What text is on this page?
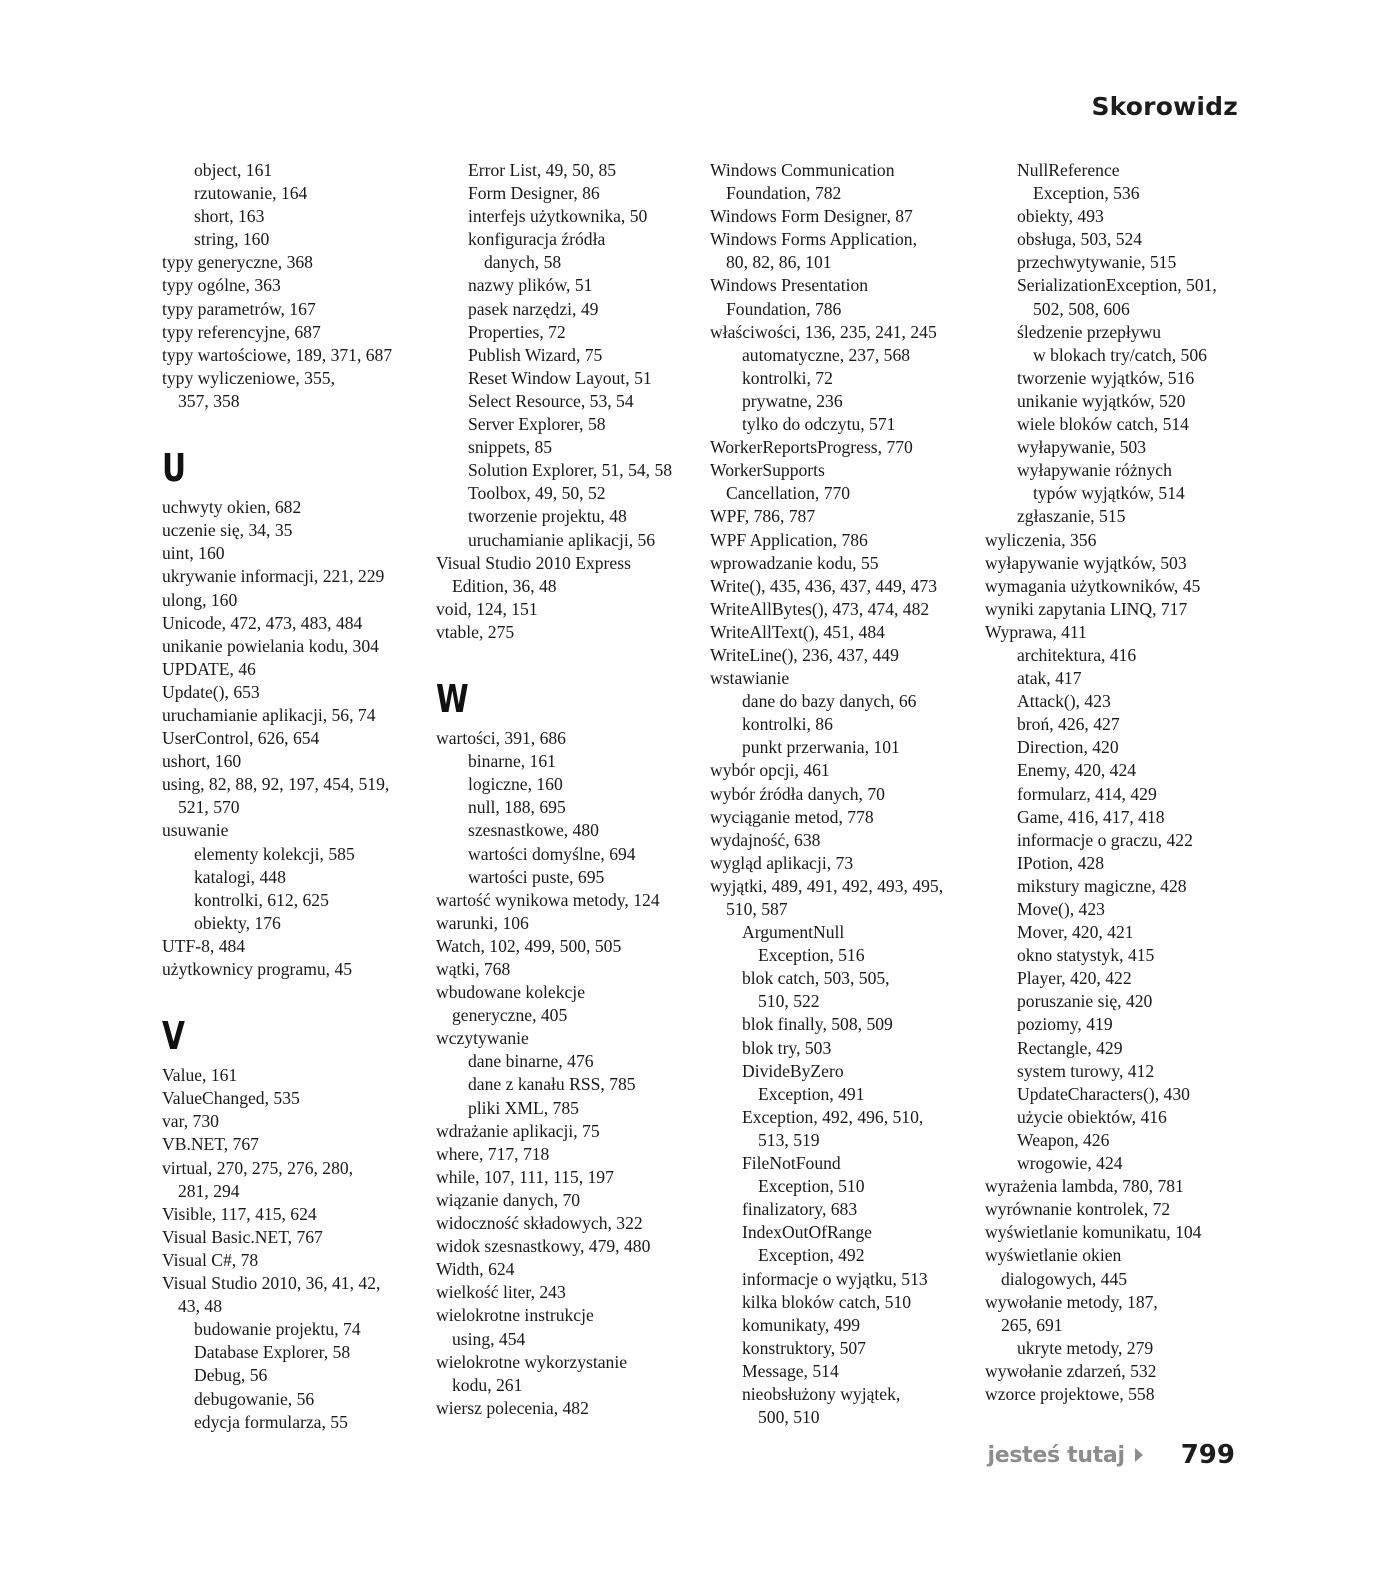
Skorowidz
object, 161
rzutowanie, 164
short, 163
string, 160
typy generyczne, 368
typy ogólne, 363
typy parametrów, 167
typy referencyjne, 687
typy wartościowe, 189, 371, 687
typy wyliczeniowe, 355,
357, 358
U
uchwyty okien, 682
uczenie się, 34, 35
uint, 160
ukrywanie informacji, 221, 229
ulong, 160
Unicode, 472, 473, 483, 484
unikanie powielania kodu, 304
UPDATE, 46
Update(), 653
uruchamianie aplikacji, 56, 74
UserControl, 626, 654
ushort, 160
using, 82, 88, 92, 197, 454, 519,
521, 570
usuwanie
elementy kolekcji, 585
katalogi, 448
kontrolki, 612, 625
obiekty, 176
UTF-8, 484
użytkownicy programu, 45
V
Value, 161
ValueChanged, 535
var, 730
VB.NET, 767
virtual, 270, 275, 276, 280,
281, 294
Visible, 117, 415, 624
Visual Basic.NET, 767
Visual C#, 78
Visual Studio 2010, 36, 41, 42,
43, 48
budowanie projektu, 74
Database Explorer, 58
Debug, 56
debugowanie, 56
edycja formularza, 55
Error List, 49, 50, 85
Form Designer, 86
interfejs użytkownika, 50
konfiguracja źródła
danych, 58
nazwy plików, 51
pasek narzędzi, 49
Properties, 72
Publish Wizard, 75
Reset Window Layout, 51
Select Resource, 53, 54
Server Explorer, 58
snippets, 85
Solution Explorer, 51, 54, 58
Toolbox, 49, 50, 52
tworzenie projektu, 48
uruchamianie aplikacji, 56
Visual Studio 2010 Express
Edition, 36, 48
void, 124, 151
vtable, 275
W
wartości, 391, 686
binarne, 161
logiczne, 160
null, 188, 695
szesnastkowe, 480
wartości domyślne, 694
wartości puste, 695
wartość wynikowa metody, 124
warunki, 106
Watch, 102, 499, 500, 505
wątki, 768
wbudowane kolekcje
generyczne, 405
wczytywanie
dane binarne, 476
dane z kanału RSS, 785
pliki XML, 785
wdrażanie aplikacji, 75
where, 717, 718
while, 107, 111, 115, 197
wiązanie danych, 70
widoczność składowych, 322
widok szesnastkowy, 479, 480
Width, 624
wielkość liter, 243
wielokrotne instrukcje
using, 454
wielokrotne wykorzystanie
kodu, 261
wiersz polecenia, 482
Windows Communication
Foundation, 782
Windows Form Designer, 87
Windows Forms Application,
80, 82, 86, 101
Windows Presentation
Foundation, 786
właściwości, 136, 235, 241, 245
automatyczne, 237, 568
kontrolki, 72
prywatne, 236
tylko do odczytu, 571
WorkerReportsProgress, 770
WorkerSupports
Cancellation, 770
WPF, 786, 787
WPF Application, 786
wprowadzanie kodu, 55
Write(), 435, 436, 437, 449, 473
WriteAllBytes(), 473, 474, 482
WriteAllText(), 451, 484
WriteLine(), 236, 437, 449
wstawianie
dane do bazy danych, 66
kontrolki, 86
punkt przerwania, 101
wybór opcji, 461
wybór źródła danych, 70
wyciąganie metod, 778
wydajność, 638
wygląd aplikacji, 73
wyjątki, 489, 491, 492, 493, 495,
510, 587
ArgumentNull
Exception, 516
blok catch, 503, 505,
510, 522
blok finally, 508, 509
blok try, 503
DivideByZero
Exception, 491
Exception, 492, 496, 510,
513, 519
FileNotFound
Exception, 510
finalizatory, 683
IndexOutOfRange
Exception, 492
informacje o wyjątku, 513
kilka bloków catch, 510
komunikaty, 499
konstruktory, 507
Message, 514
nieobsłużony wyjątek,
500, 510
NullReference
Exception, 536
obiekty, 493
obsługa, 503, 524
przechwytywanie, 515
SerializationException, 501,
502, 508, 606
śledzenie przepływu
w blokach try/catch, 506
tworzenie wyjątków, 516
unikanie wyjątków, 520
wiele bloków catch, 514
wyłapywanie, 503
wyłapywanie różnych
typów wyjątków, 514
zgłaszanie, 515
wyliczenia, 356
wyłapywanie wyjątków, 503
wymagania użytkowników, 45
wyniki zapytania LINQ, 717
Wyprawa, 411
architektura, 416
atak, 417
Attack(), 423
broń, 426, 427
Direction, 420
Enemy, 420, 424
formularz, 414, 429
Game, 416, 417, 418
informacje o graczu, 422
IPotion, 428
mikstury magiczne, 428
Move(), 423
Mover, 420, 421
okno statystyk, 415
Player, 420, 422
poruszanie się, 420
poziomy, 419
Rectangle, 429
system turowy, 412
UpdateCharacters(), 430
użycie obiektów, 416
Weapon, 426
wrogowie, 424
wyrażenia lambda, 780, 781
wyrównanie kontrolek, 72
wyświetlanie komunikatu, 104
wyświetlanie okien
dialogowych, 445
wywołanie metody, 187,
265, 691
ukryte metody, 279
wywołanie zdarzeń, 532
wzorce projektowe, 558
jesteś tutaj 799
